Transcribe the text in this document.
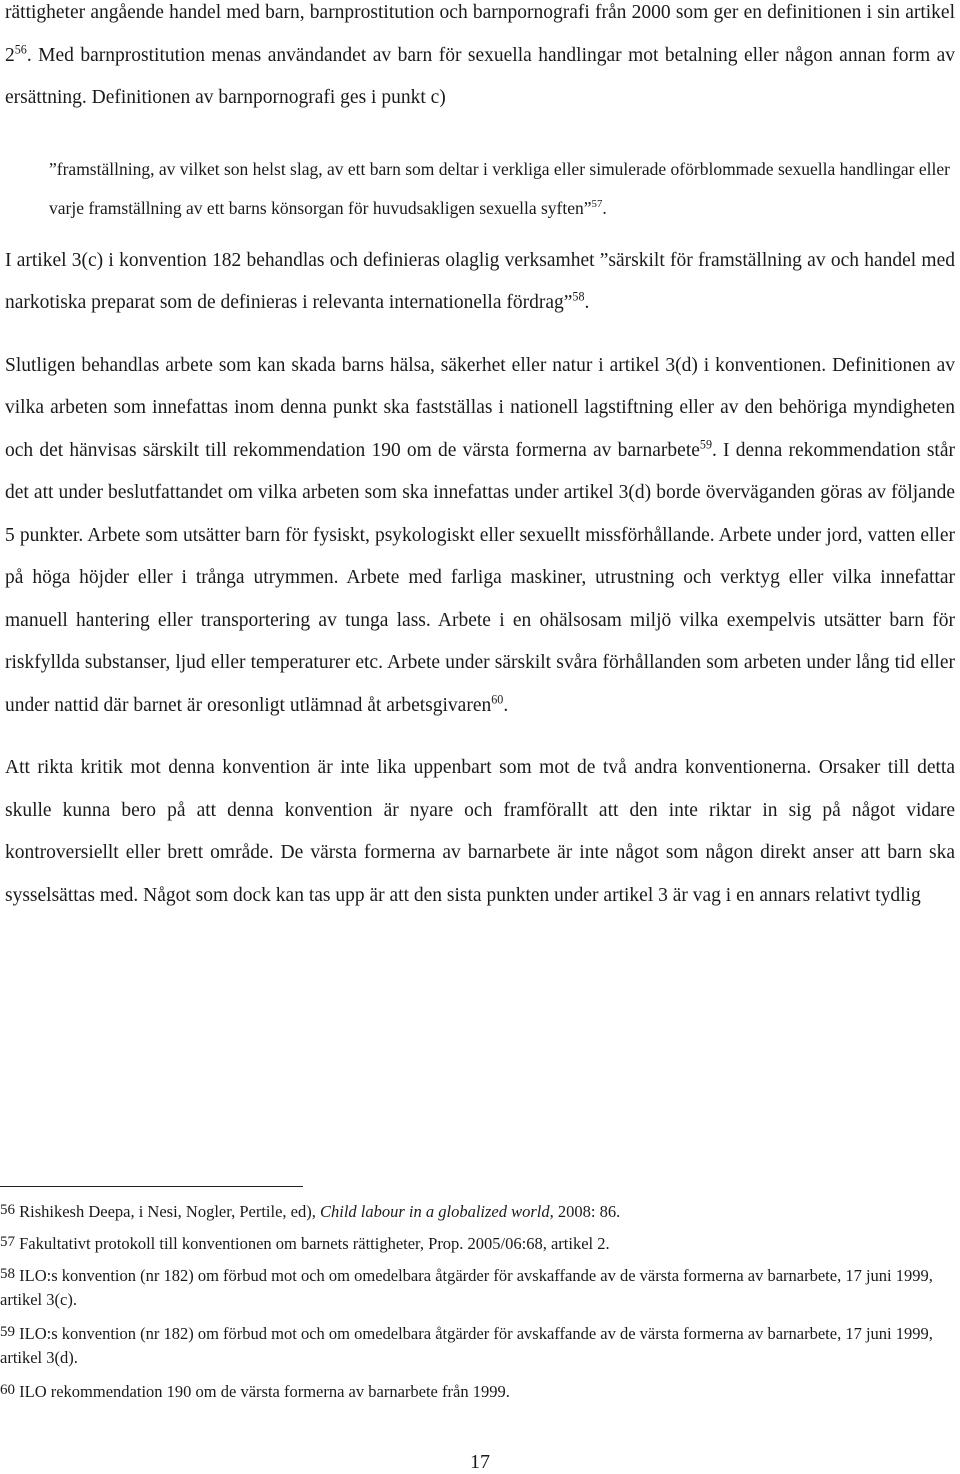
rättigheter angående handel med barn, barnprostitution och barnpornografi från 2000 som ger en definitionen i sin artikel $2^{56}$. Med barnprostitution menas användandet av barn för sexuella handlingar mot betalning eller någon annan form av ersättning. Definitionen av barnpornografi ges i punkt c)

”framställning, av vilket son helst slag, av ett barn som deltar i verkliga eller simulerade oförblommade sexuella handlingar eller varje framställning av ett barns könsorgan för huvudsakligen sexuella syften”$^{57}$.

I artikel 3(c) i konvention 182 behandlas och definieras olaglig verksamhet ”särskilt för framställning av och handel med narkotiska preparat som de definieras i relevanta internationella fördrag”$^{58}$.

Slutligen behandlas arbete som kan skada barns hälsa, säkerhet eller natur i artikel 3(d) i konventionen. Definitionen av vilka arbeten som innefattas inom denna punkt ska fastställas i nationell lagstiftning eller av den behöriga myndigheten och det hänvisas särskilt till rekommendation 190 om de värsta formerna av barnarbete$^{59}$. I denna rekommendation står det att under beslutfattandet om vilka arbeten som ska innefattas under artikel 3(d) borde överväganden göras av följande 5 punkter. Arbete som utsätter barn för fysiskt, psykologiskt eller sexuellt missförhållande. Arbete under jord, vatten eller på höga höjder eller i trånga utrymmen. Arbete med farliga maskiner, utrustning och verktyg eller vilka innefattar manuell hantering eller transportering av tunga lass. Arbete i en ohälsosam miljö vilka exempelvis utsätter barn för riskfyllda substanser, ljud eller temperaturer etc. Arbete under särskilt svåra förhållanden som arbeten under lång tid eller under nattid där barnet är oresonligt utlämnad åt arbetsgivaren$^{60}$.

Att rikta kritik mot denna konvention är inte lika uppenbart som mot de två andra konventionerna. Orsaker till detta skulle kunna bero på att denna konvention är nyare och framförallt att den inte riktar in sig på något vidare kontroversiellt eller brett område. De värsta formerna av barnarbete är inte något som någon direkt anser att barn ska sysselsättas med. Något som dock kan tas upp är att den sista punkten under artikel 3 är vag i en annars relativt tydlig

56 Rishikesh Deepa, i Nesi, Nogler, Pertile, ed), Child labour in a globalized world, 2008: 86.

57 Fakultativt protokoll till konventionen om barnets rättigheter, Prop. 2005/06:68, artikel 2.

58 ILO:s konvention (nr 182) om förbud mot och om omedelbara åtgärder för avskaffande av de värsta formerna av barnarbete, 17 juni 1999, artikel 3(c).

59 ILO:s konvention (nr 182) om förbud mot och om omedelbara åtgärder för avskaffande av de värsta formerna av barnarbete, 17 juni 1999, artikel 3(d).

60 ILO rekommendation 190 om de värsta formerna av barnarbete från 1999.

17
